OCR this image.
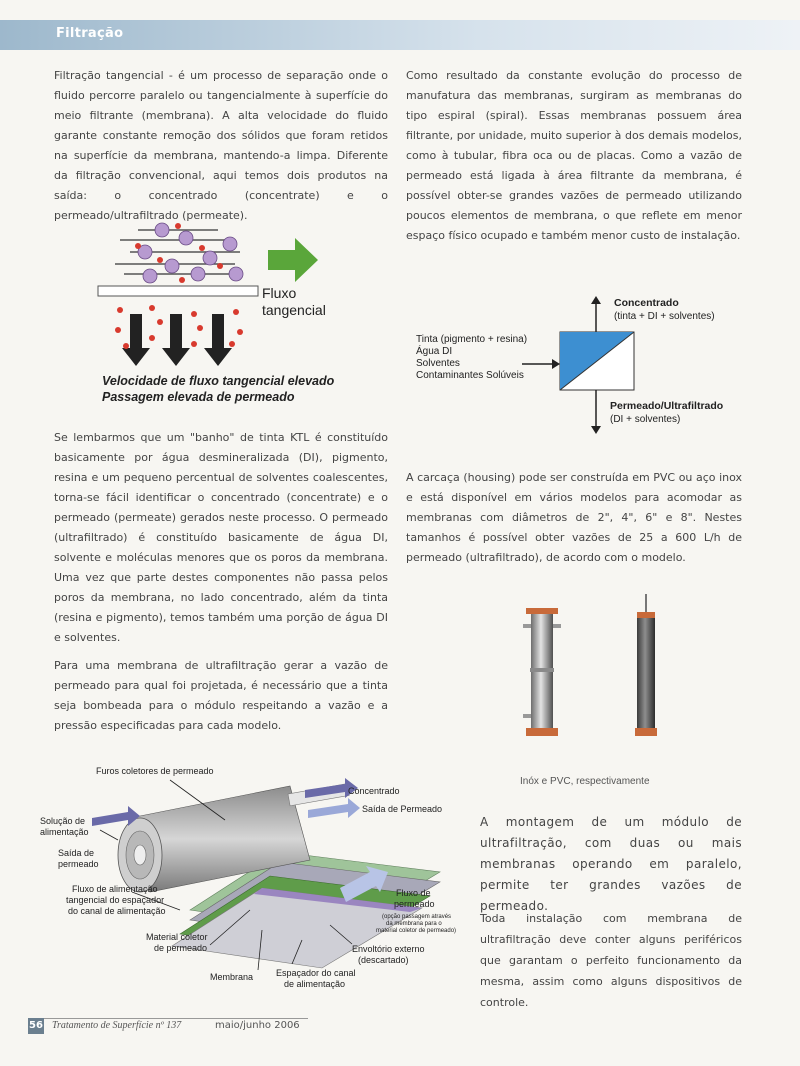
Filtração
Filtração tangencial - é um processo de separação onde o fluido percorre paralelo ou tangencialmente à superfície do meio filtrante (membrana). A alta velocidade do fluido garante constante remoção dos sólidos que foram retidos na superfície da membrana, mantendo-a limpa. Diferente da filtração convencional, aqui temos dois produtos na saída: o concentrado (concentrate) e o permeado/ultrafiltrado (permeate).
Fluxo
tangencial
Velocidade de fluxo tangencial elevado
Passagem elevada de permeado
Se lembarmos que um "banho" de tinta KTL é constituído basicamente por água desmineralizada (DI), pigmento, resina e um pequeno percentual de solventes coalescentes, torna-se fácil identificar o concentrado (concentrate) e o permeado (permeate) gerados neste processo. O permeado (ultrafiltrado) é constituído basicamente de água DI, solvente e moléculas menores que os poros da membrana. Uma vez que parte destes componentes não passa pelos poros da membrana, no lado concentrado, além da tinta (resina e pigmento), temos também uma porção de água DI e solventes.
Para uma membrana de ultrafiltração gerar a vazão de permeado para qual foi projetada, é necessário que a tinta seja bombeada para o módulo respeitando a vazão e a pressão especificadas para cada modelo.
Como resultado da constante evolução do processo de manufatura das membranas, surgiram as membranas do tipo espiral (spiral). Essas membranas possuem área filtrante, por unidade, muito superior à dos demais modelos, como à tubular, fibra oca ou de placas. Como a vazão de permeado está ligada à área filtrante da membrana, é possível obter-se grandes vazões de permeado utilizando poucos elementos de membrana, o que reflete em menor espaço físico ocupado e também menor custo de instalação.
Concentrado
(tinta + DI + solventes)
Tinta (pigmento + resina)
Água DI
Solventes
Contaminantes Solúveis
Permeado/Ultrafiltrado
(DI + solventes)
A carcaça (housing) pode ser construída em PVC ou aço inox e está disponível em vários modelos para acomodar as membranas com diâmetros de 2", 4", 6" e 8". Nestes tamanhos é possível obter vazões de 25 a 600 L/h de permeado (ultrafiltrado), de acordo com o modelo.
Inóx e PVC, respectivamente
A montagem de um módulo de ultrafiltração, com duas ou mais membranas operando em paralelo, permite ter grandes vazões de permeado.
Toda instalação com membrana de ultrafiltração deve conter alguns periféricos que garantam o perfeito funcionamento da mesma, assim como alguns dispositivos de controle.
Furos coletores de permeado
Concentrado
Saída de Permeado
Solução de
alimentação
Saída de
permeado
Fluxo de alimentação
tangencial do espaçador
do canal de alimentação
Fluxo de
permeado
(opção passagem através
da membrana para o
material coletor de permeado)
Material coletor
de permeado	Envoltório externo
(descartado)
Membrana	Espaçador do canal
de alimentação
56 Tratamento de Superfície nº 137	maio/junho 2006
